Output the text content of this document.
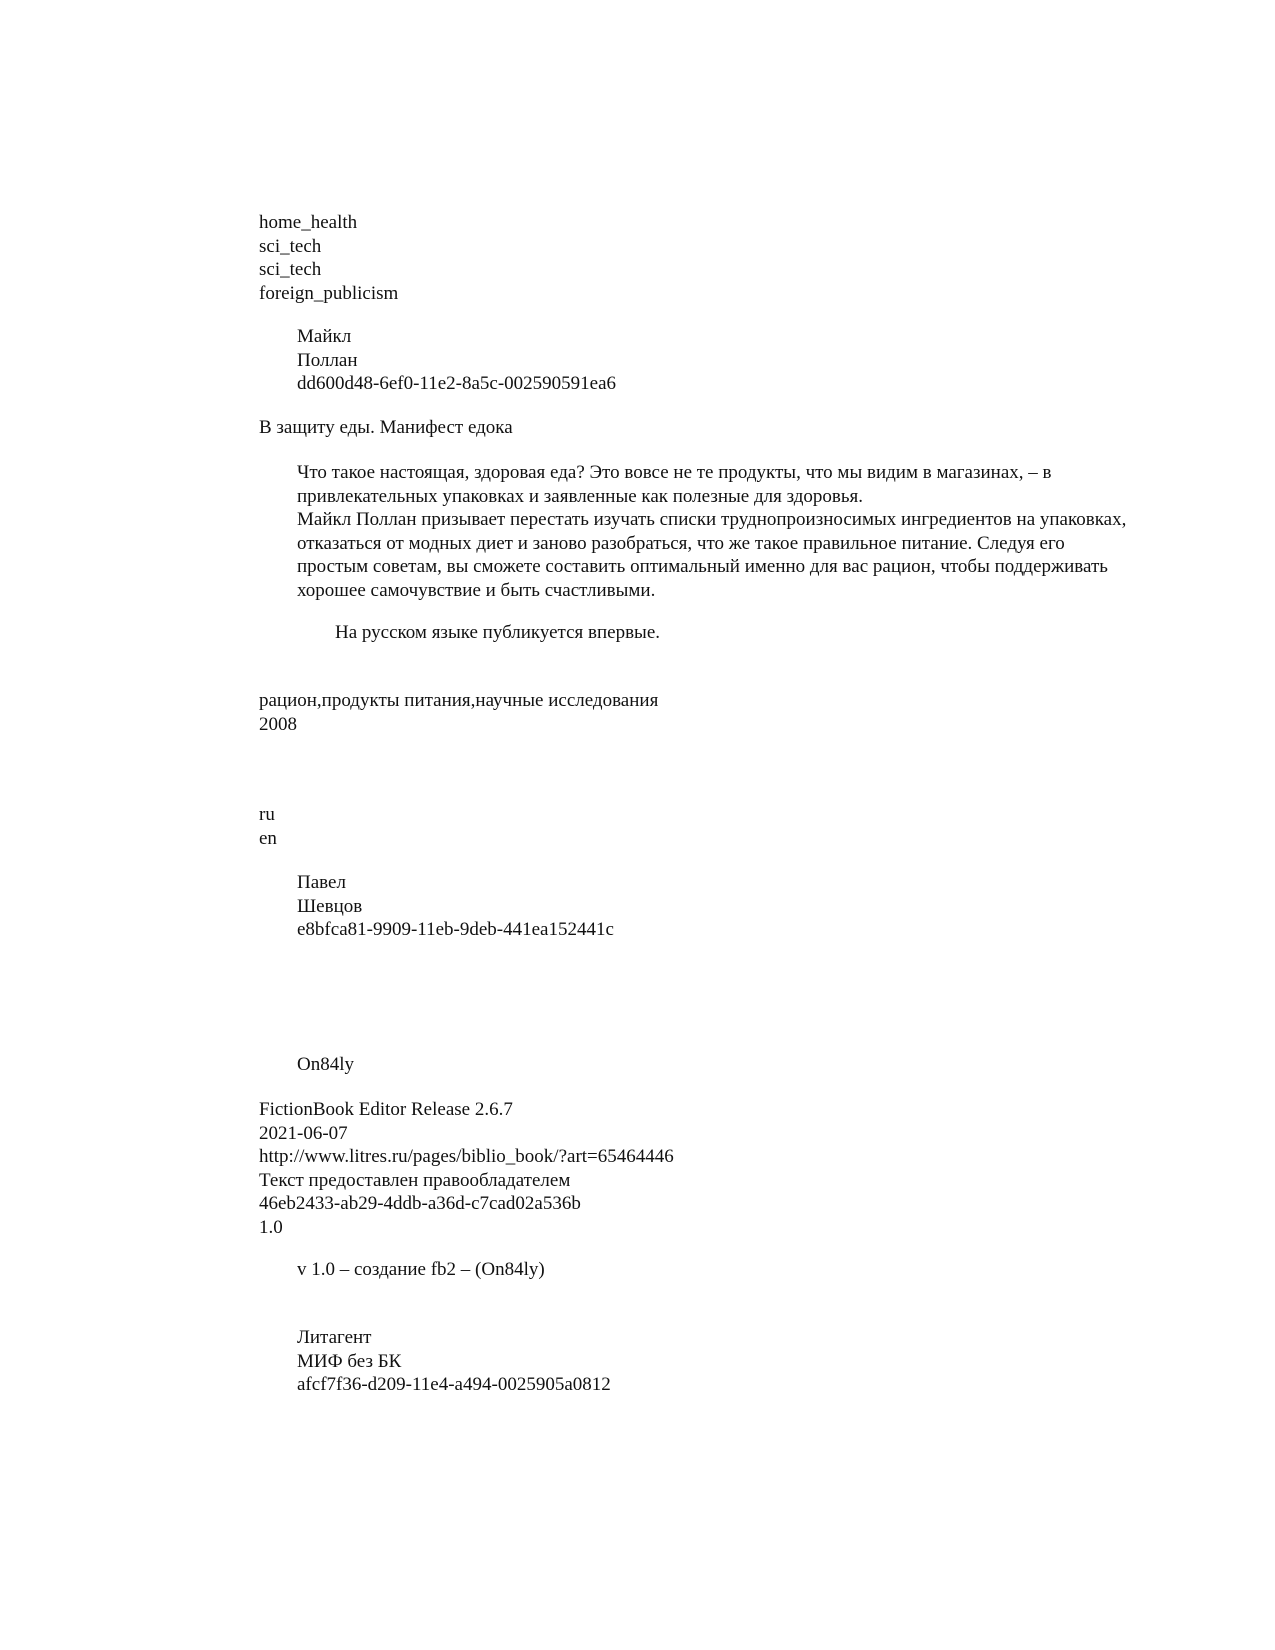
home_health
sci_tech
sci_tech
foreign_publicism
Майкл
Поллан
dd600d48-6ef0-11e2-8a5c-002590591ea6
В защиту еды. Манифест едока
Что такое настоящая, здоровая еда? Это вовсе не те продукты, что мы видим в магазинах, – в привлекательных упаковках и заявленные как полезные для здоровья.
Майкл Поллан призывает перестать изучать списки труднопроизносимых ингредиентов на упаковках, отказаться от модных диет и заново разобраться, что же такое правильное питание. Следуя его простым советам, вы сможете составить оптимальный именно для вас рацион, чтобы поддерживать хорошее самочувствие и быть счастливыми.
На русском языке публикуется впервые.
рацион,продукты питания,научные исследования
2008
ru
en
Павел
Шевцов
e8bfca81-9909-11eb-9deb-441ea152441c
On84ly
FictionBook Editor Release 2.6.7
2021-06-07
http://www.litres.ru/pages/biblio_book/?art=65464446
Текст предоставлен правообладателем
46eb2433-ab29-4ddb-a36d-c7cad02a536b
1.0
v 1.0 – создание fb2 – (On84ly)
Литагент
МИФ без БК
afcf7f36-d209-11e4-a494-0025905a0812
